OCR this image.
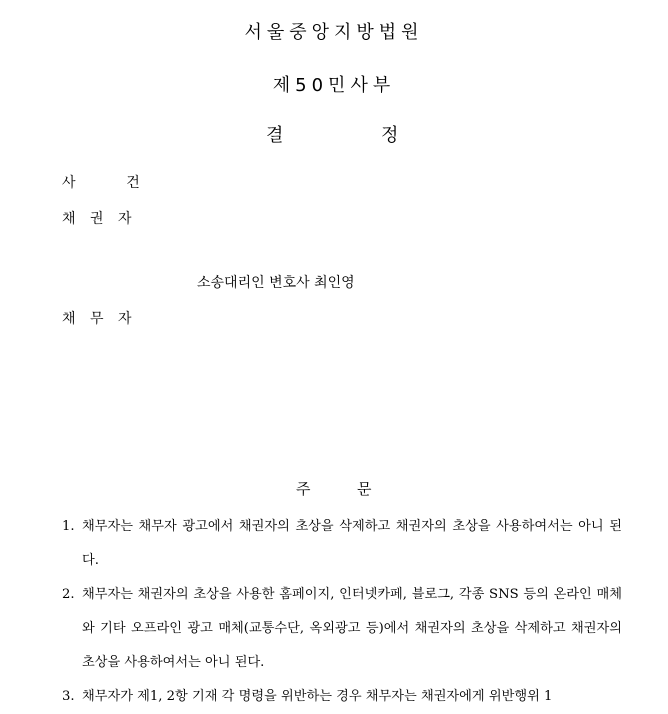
서울중앙지방법원
제50민사부
결	정
사      건
채 권 자
소송대리인 변호사 최인영
채 무 자
주	문
1. 채무자는 채무자 광고에서 채권자의 초상을 삭제하고 채권자의 초상을 사용하여서는 아니 된다.
2. 채무자는 채권자의 초상을 사용한 홈페이지, 인터넷카페, 블로그, 각종 SNS 등의 온라인 매체와 기타 오프라인 광고 매체(교통수단, 옥외광고 등)에서 채권자의 초상을 삭제하고 채권자의 초상을 사용하여서는 아니 된다.
3. 채무자가 제1, 2항 기재 각 명령을 위반하는 경우 채무자는 채권자에게 위반행위 1
